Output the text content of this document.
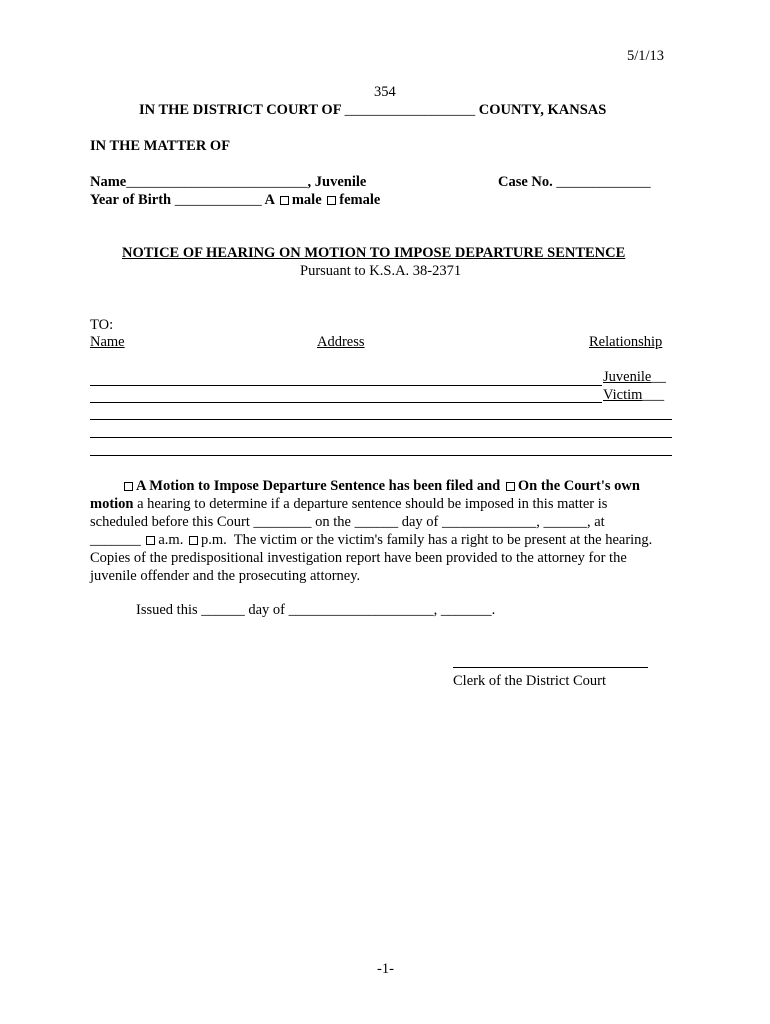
5/1/13
354
IN THE DISTRICT COURT OF __________________ COUNTY, KANSAS
IN THE MATTER OF
Name_________________________, Juvenile	Case No. _____________
Year of Birth ____________ A male female
NOTICE OF HEARING ON MOTION TO IMPOSE DEPARTURE SENTENCE
Pursuant to K.S.A. 38-2371
TO:
Name	Address	Relationship
Juvenile__
Victim___
A Motion to Impose Departure Sentence has been filed and On the Court's own
motion a hearing to determine if a departure sentence should be imposed in this matter is
scheduled before this Court ________ on the ______ day of _____________, ______, at
_______ a.m. p.m. The victim or the victim's family has a right to be present at the hearing.
Copies of the predispositional investigation report have been provided to the attorney for the
juvenile offender and the prosecuting attorney.
Issued this ______ day of ____________________, _______.
Clerk of the District Court
-1-
